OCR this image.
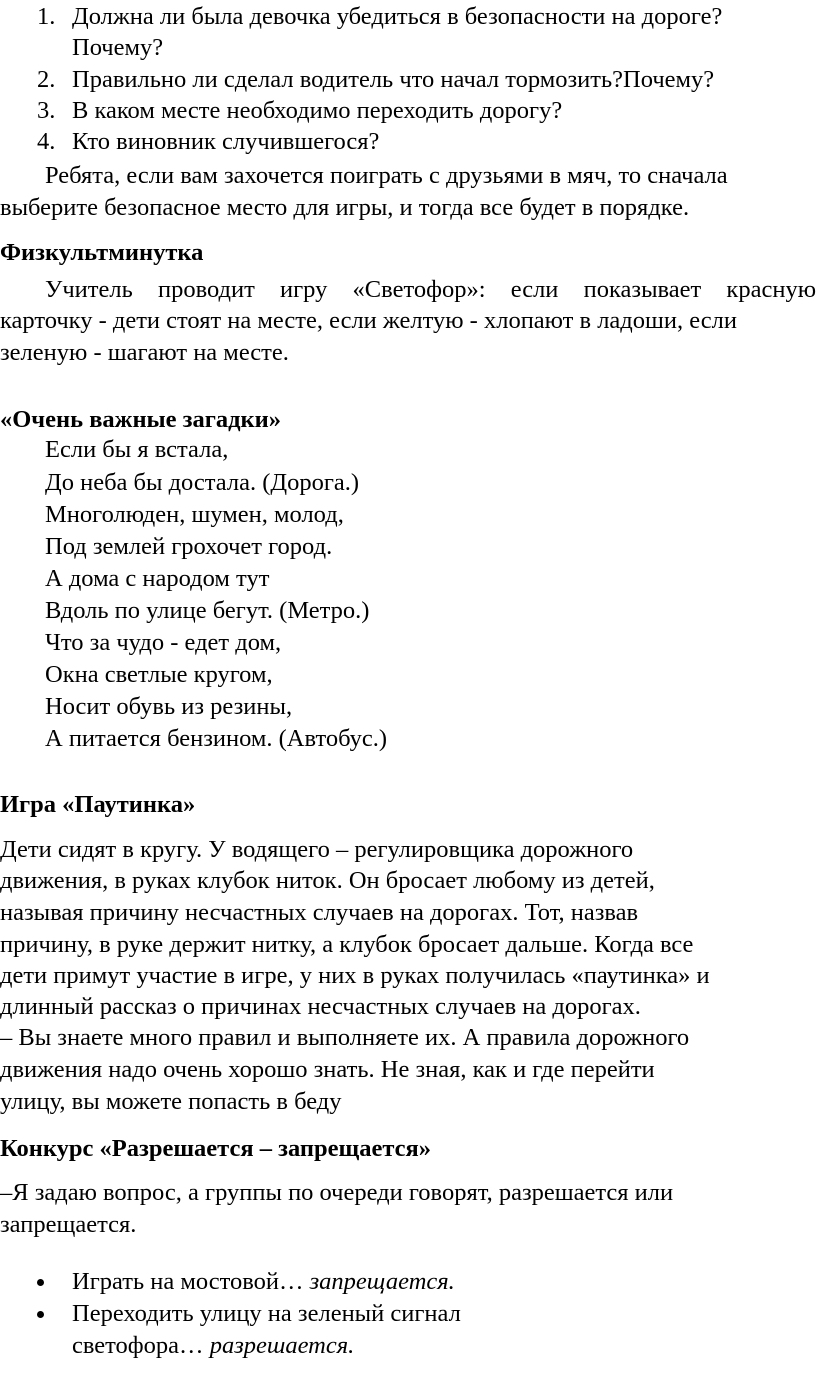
1. Должна ли была девочка убедиться в безопасности на дороге?
Почему?
2. Правильно ли сделал водитель что начал тормозить?Почему?
3. В каком месте необходимо переходить дорогу?
4. Кто виновник случившегося?
Ребята, если вам захочется поиграть с друзьями в мяч, то сначала
выберите безопасное место для игры, и тогда все будет в порядке.
Физкультминутка
Учитель проводит игру «Светофор»: если показывает красную
карточку - дети стоят на месте, если желтую - хлопают в ладоши, если
зеленую - шагают на месте.
«Очень важные загадки»
Если бы я встала,
До неба бы достала. (Дорога.)
Многолюден, шумен, молод,
Под землей грохочет город.
А дома с народом тут
Вдоль по улице бегут. (Метро.)
Что за чудо - едет дом,
Окна светлые кругом,
Носит обувь из резины,
А питается бензином. (Автобус.)
Игра «Паутинка»
Дети сидят в кругу. У водящего – регулировщика дорожного
движения, в руках клубок ниток. Он бросает любому из детей,
называя причину несчастных случаев на дорогах. Тот, назвав
причину, в руке держит нитку, а клубок бросает дальше. Когда все
дети примут участие в игре, у них в руках получилась «паутинка» и
длинный рассказ о причинах несчастных случаев на дорогах.
– Вы знаете много правил и выполняете их. А правила дорожного
движения надо очень хорошо знать. Не зная, как и где перейти
улицу, вы можете попасть в беду
Конкурс «Разрешается – запрещается»
–Я задаю вопрос, а группы по очереди говорят, разрешается или
запрещается.
Играть на мостовой… запрещается.
Переходить улицу на зеленый сигнал
светофора… разрешается.
